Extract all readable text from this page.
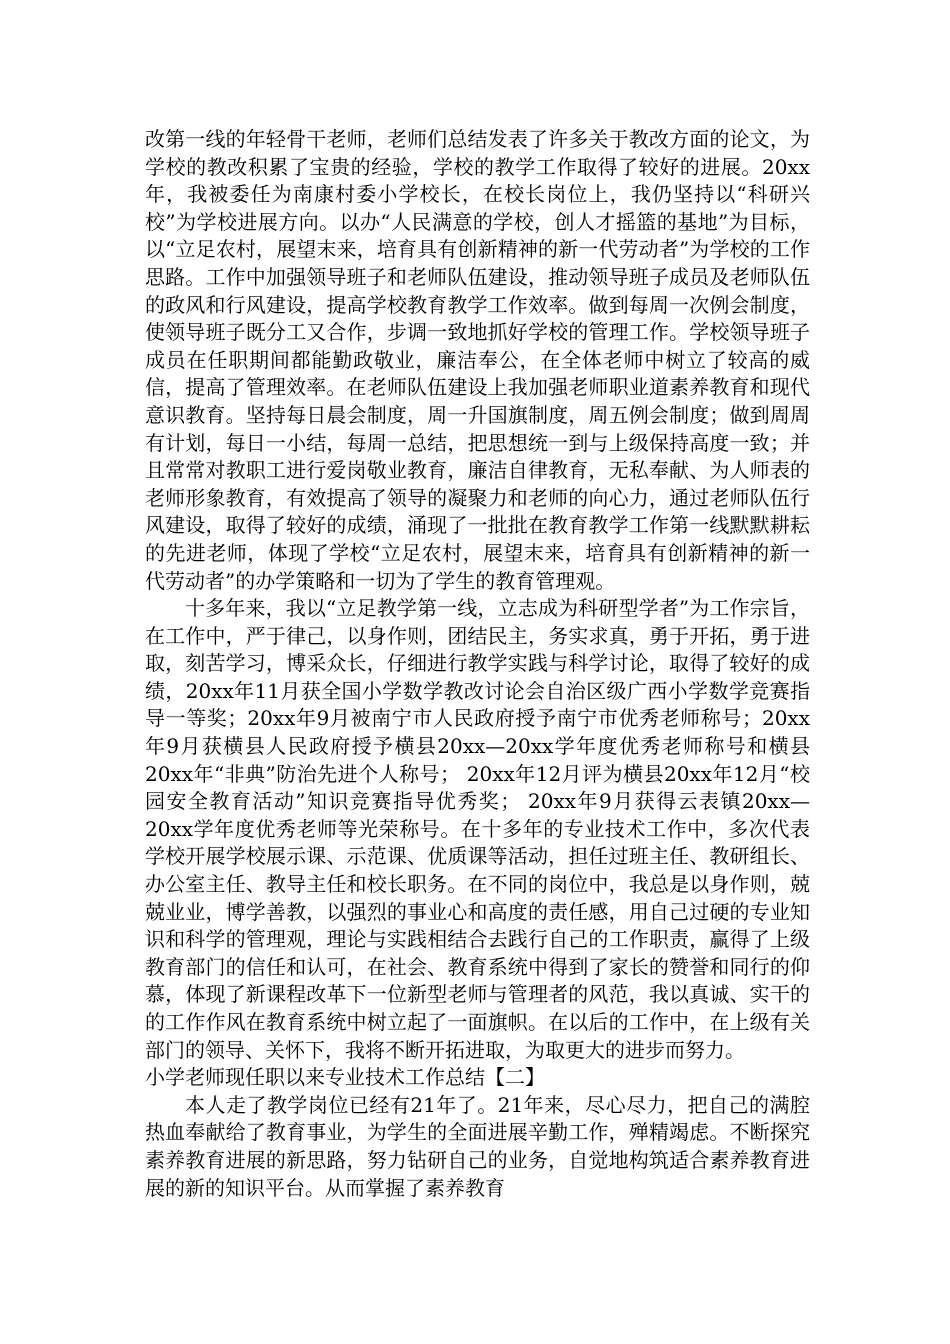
改第一线的年轻骨干老师，老师们总结发表了许多关于教改方面的论文，为学校的教改积累了宝贵的经验，学校的教学工作取得了较好的进展。20xx年，我被委任为南康村委小学校长，在校长岗位上，我仍坚持以“科研兴校”为学校进展方向。以办“人民满意的学校，创人才摇篮的基地”为目标，以“立足农村，展望末来，培育具有创新精神的新一代劳动者”为学校的工作思路。工作中加强领导班子和老师队伍建设，推动领导班子成员及老师队伍的政风和行风建设，提高学校教育教学工作效率。做到每周一次例会制度，使领导班子既分工又合作，步调一致地抓好学校的管理工作。学校领导班子成员在任职期间都能勤政敬业，廉洁奉公，在全体老师中树立了较高的威信，提高了管理效率。在老师队伍建设上我加强老师职业道素养教育和现代意识教育。坚持每日晨会制度，周一升国旗制度，周五例会制度；做到周周有计划，每日一小结，每周一总结，把思想统一到与上级保持高度一致；并且常常对教职工进行爱岗敬业教育，廉洁自律教育，无私奉献、为人师表的老师形象教育，有效提高了领导的凝聚力和老师的向心力，通过老师队伍行风建设，取得了较好的成绩，涌现了一批批在教育教学工作第一线默默耕耘的先进老师，体现了学校“立足农村，展望末来，培育具有创新精神的新一代劳动者”的办学策略和一切为了学生的教育管理观。

十多年来，我以“立足教学第一线，立志成为科研型学者”为工作宗旨，在工作中，严于律己，以身作则，团结民主，务实求真，勇于开拓，勇于进取，刻苦学习，博采众长，仔细进行教学实践与科学讨论，取得了较好的成绩，20xx年11月获全国小学数学教改讨论会自治区级广西小学数学竞赛指导一等奖；20xx年9月被南宁市人民政府授予南宁市优秀老师称号；20xx年9月获横县人民政府授予横县20xx—20xx学年度优秀老师称号和横县20xx年“非典”防治先进个人称号； 20xx年12月评为横县20xx年12月“校园安全教育活动”知识竞赛指导优秀奖； 20xx年9月获得云表镇20xx—20xx学年度优秀老师等光荣称号。在十多年的专业技术工作中，多次代表学校开展学校展示课、示范课、优质课等活动，担任过班主任、教研组长、办公室主任、教导主任和校长职务。在不同的岗位中，我总是以身作则，兢兢业业，博学善教，以强烈的事业心和高度的责任感，用自己过硬的专业知识和科学的管理观，理论与实践相结合去践行自己的工作职责，赢得了上级教育部门的信任和认可，在社会、教育系统中得到了家长的赞誉和同行的仰慕，体现了新课程改革下一位新型老师与管理者的风范，我以真诚、实干的的工作作风在教育系统中树立起了一面旗帜。在以后的工作中，在上级有关部门的领导、关怀下，我将不断开拓进取，为取更大的进步而努力。

小学老师现任职以来专业技术工作总结【二】

本人走了教学岗位已经有21年了。21年来，尽心尽力，把自己的满腔热血奉献给了教育事业，为学生的全面进展辛勤工作，殚精竭虑。不断探究素养教育进展的新思路，努力钻研自己的业务，自觉地构筑适合素养教育进展的新的知识平台。从而掌握了素养教育
